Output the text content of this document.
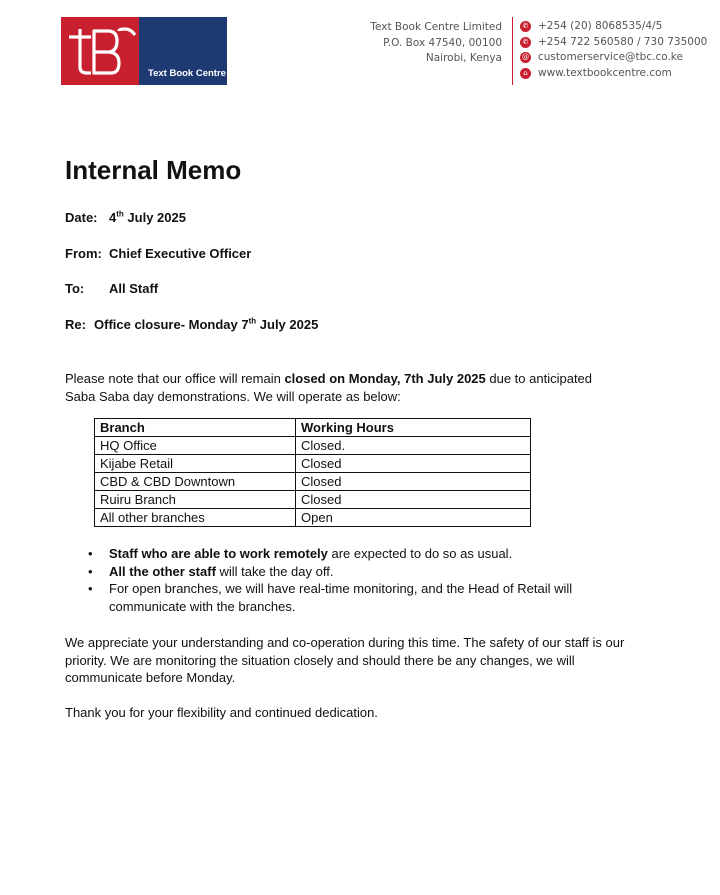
Text Book Centre
Text Book Centre Limited
P.O. Box 47540, 00100
Nairobi, Kenya
✆ +254 (20) 8068535/4/5
✆ +254 722 560580 / 730 735000
@ customerservice@tbc.co.ke
⌂ www.textbookcentre.com
Internal Memo
Date: 4th July 2025
From: Chief Executive Officer
To: All Staff
Re: Office closure- Monday 7th July 2025

Please note that our office will remain closed on Monday, 7th July 2025 due to anticipated Saba Saba day demonstrations. We will operate as below:

Branch	Working Hours
HQ Office	Closed.
Kijabe Retail	Closed
CBD & CBD Downtown	Closed
Ruiru Branch	Closed
All other branches	Open
• Staff who are able to work remotely are expected to do so as usual.
• All the other staff will take the day off.
• For open branches, we will have real-time monitoring, and the Head of Retail will communicate with the branches.

We appreciate your understanding and co-operation during this time. The safety of our staff is our priority. We are monitoring the situation closely and should there be any changes, we will communicate before Monday.

Thank you for your flexibility and continued dedication.
